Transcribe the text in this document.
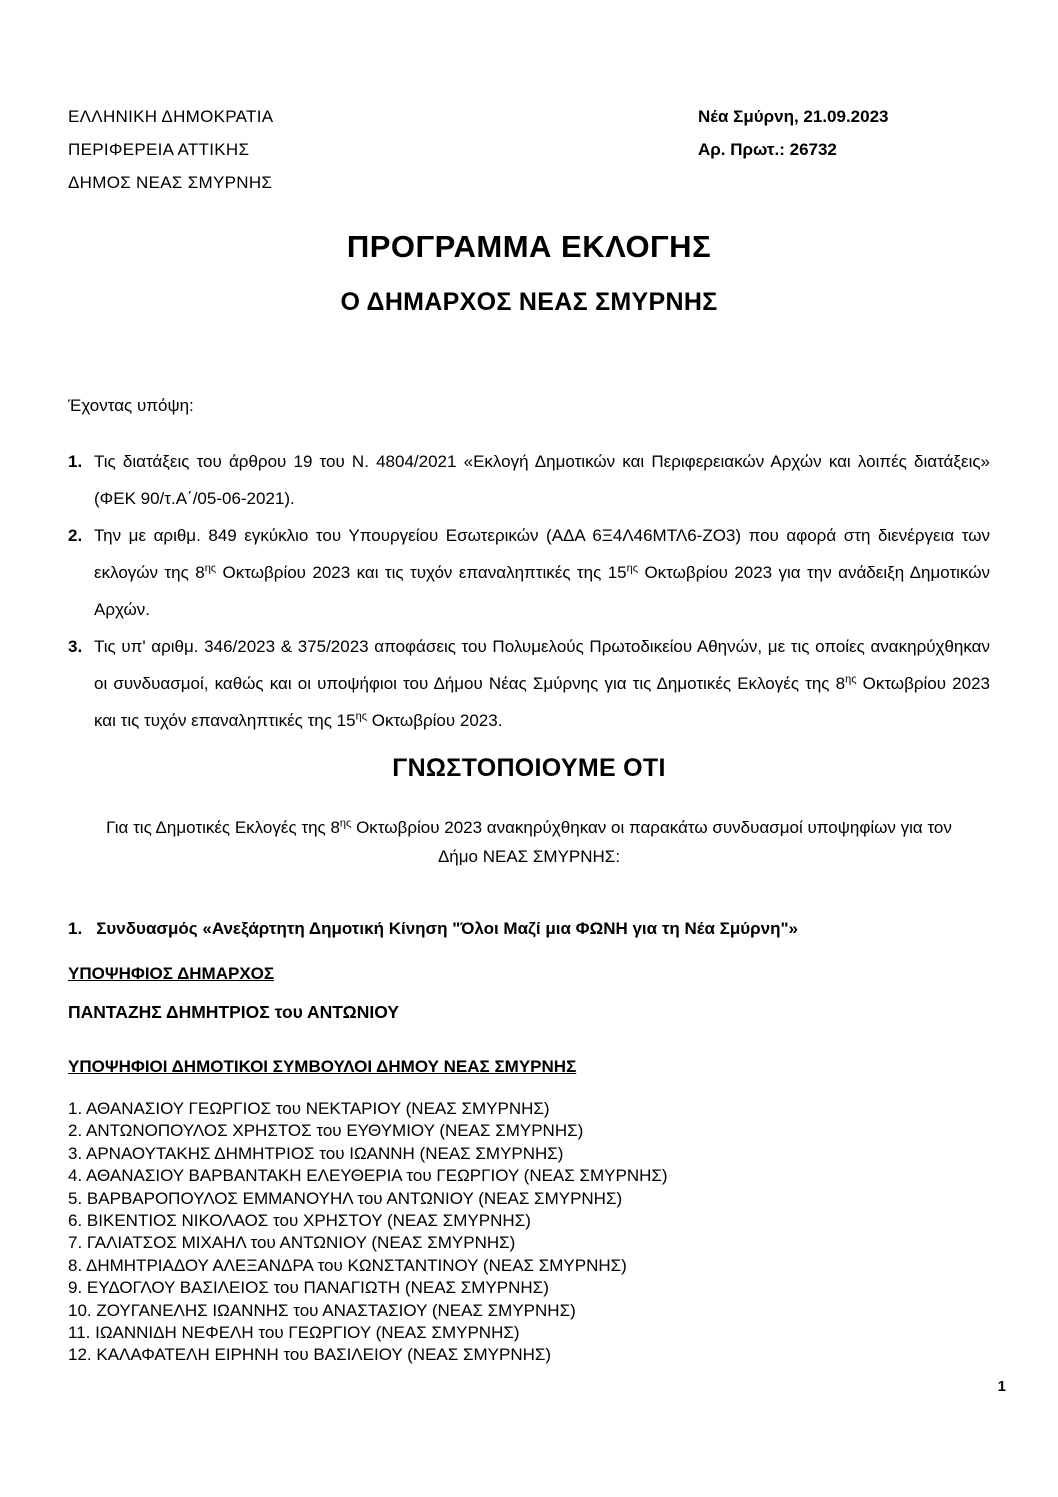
ΕΛΛΗΝΙΚΗ ΔΗΜΟΚΡΑΤΙΑ
ΠΕΡΙΦΕΡΕΙΑ ΑΤΤΙΚΗΣ
ΔΗΜΟΣ ΝΕΑΣ ΣΜΥΡΝΗΣ
Νέα Σμύρνη, 21.09.2023
Αρ. Πρωτ.: 26732
ΠΡΟΓΡΑΜΜΑ ΕΚΛΟΓΗΣ
Ο ΔΗΜΑΡΧΟΣ ΝΕΑΣ ΣΜΥΡΝΗΣ
Έχοντας υπόψη:
1. Τις διατάξεις του άρθρου 19 του Ν. 4804/2021 «Εκλογή Δημοτικών και Περιφερειακών Αρχών και λοιπές διατάξεις» (ΦΕΚ 90/τ.Α΄/05-06-2021).
2. Την με αριθμ. 849 εγκύκλιο του Υπουργείου Εσωτερικών (ΑΔΑ 6Ξ4Λ46ΜΤΛ6-ΖΟ3) που αφορά στη διενέργεια των εκλογών της $8^{\eta\varsigma}$ Οκτωβρίου 2023 και τις τυχόν επαναληπτικές της $15^{\eta\varsigma}$ Οκτωβρίου 2023 για την ανάδειξη Δημοτικών Αρχών.
3. Τις υπ' αριθμ. 346/2023 & 375/2023 αποφάσεις του Πολυμελούς Πρωτοδικείου Αθηνών, με τις οποίες ανακηρύχθηκαν οι συνδυασμοί, καθώς και οι υποψήφιοι του Δήμου Νέας Σμύρνης για τις Δημοτικές Εκλογές της $8^{\eta\varsigma}$ Οκτωβρίου 2023 και τις τυχόν επαναληπτικές της $15^{\eta\varsigma}$ Οκτωβρίου 2023.
ΓΝΩΣΤΟΠΟΙΟΥΜΕ ΟΤΙ
Για τις Δημοτικές Εκλογές της $8^{\eta\varsigma}$ Οκτωβρίου 2023 ανακηρύχθηκαν οι παρακάτω συνδυασμοί υποψηφίων για τον Δήμο ΝΕΑΣ ΣΜΥΡΝΗΣ:
1. Συνδυασμός «Ανεξάρτητη Δημοτική Κίνηση "Όλοι Μαζί μια ΦΩΝΗ για τη Νέα Σμύρνη"»
ΥΠΟΨΗΦΙΟΣ ΔΗΜΑΡΧΟΣ
ΠΑΝΤΑΖΗΣ ΔΗΜΗΤΡΙΟΣ του ΑΝΤΩΝΙΟΥ
ΥΠΟΨΗΦΙΟΙ ΔΗΜΟΤΙΚΟΙ ΣΥΜΒΟΥΛΟΙ ΔΗΜΟΥ ΝΕΑΣ ΣΜΥΡΝΗΣ
1. ΑΘΑΝΑΣΙΟΥ ΓΕΩΡΓΙΟΣ του ΝΕΚΤΑΡΙΟΥ (ΝΕΑΣ ΣΜΥΡΝΗΣ)
2. ΑΝΤΩΝΟΠΟΥΛΟΣ ΧΡΗΣΤΟΣ του ΕΥΘΥΜΙΟΥ (ΝΕΑΣ ΣΜΥΡΝΗΣ)
3. ΑΡΝΑΟΥΤΑΚΗΣ ΔΗΜΗΤΡΙΟΣ του ΙΩΑΝΝΗ (ΝΕΑΣ ΣΜΥΡΝΗΣ)
4. ΑΘΑΝΑΣΙΟΥ ΒΑΡΒΑΝΤΑΚΗ ΕΛΕΥΘΕΡΙΑ του ΓΕΩΡΓΙΟΥ (ΝΕΑΣ ΣΜΥΡΝΗΣ)
5. ΒΑΡΒΑΡΟΠΟΥΛΟΣ ΕΜΜΑΝΟΥΗΛ του ΑΝΤΩΝΙΟΥ (ΝΕΑΣ ΣΜΥΡΝΗΣ)
6. ΒΙΚΕΝΤΙΟΣ ΝΙΚΟΛΑΟΣ του ΧΡΗΣΤΟΥ (ΝΕΑΣ ΣΜΥΡΝΗΣ)
7. ΓΑΛΙΑΤΣΟΣ ΜΙΧΑΗΛ του ΑΝΤΩΝΙΟΥ (ΝΕΑΣ ΣΜΥΡΝΗΣ)
8. ΔΗΜΗΤΡΙΑΔΟΥ ΑΛΕΞΑΝΔΡΑ του ΚΩΝΣΤΑΝΤΙΝΟΥ (ΝΕΑΣ ΣΜΥΡΝΗΣ)
9. ΕΥΔΟΓΛΟΥ ΒΑΣΙΛΕΙΟΣ του ΠΑΝΑΓΙΩΤΗ (ΝΕΑΣ ΣΜΥΡΝΗΣ)
10. ΖΟΥΓΑΝΕΛΗΣ ΙΩΑΝΝΗΣ του ΑΝΑΣΤΑΣΙΟΥ (ΝΕΑΣ ΣΜΥΡΝΗΣ)
11. ΙΩΑΝΝΙΔΗ ΝΕΦΕΛΗ του ΓΕΩΡΓΙΟΥ (ΝΕΑΣ ΣΜΥΡΝΗΣ)
12. ΚΑΛΑΦΑΤΕΛΗ ΕΙΡΗΝΗ του ΒΑΣΙΛΕΙΟΥ (ΝΕΑΣ ΣΜΥΡΝΗΣ)
1
